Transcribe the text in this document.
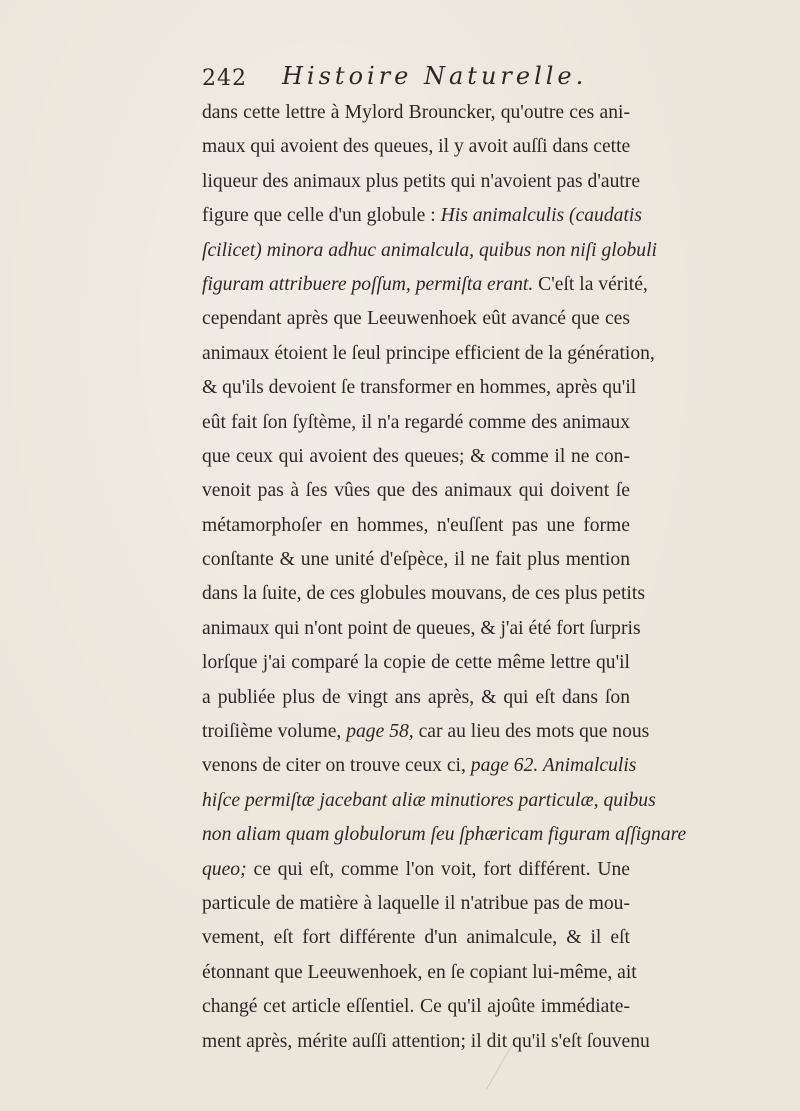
242 Histoire Naturelle.
dans cette lettre à Mylord Brouncker, qu'outre ces ani-
maux qui avoient des queues, il y avoit auſſi dans cette
liqueur des animaux plus petits qui n'avoient pas d'autre
figure que celle d'un globule : His animalculis (caudatis
ſcilicet) minora adhuc animalcula, quibus non niſi globuli
figuram attribuere poſſum, permiſta erant. C'eſt la vérité,
cependant après que Leeuwenhoek eût avancé que ces
animaux étoient le ſeul principe efficient de la génération,
& qu'ils devoient ſe transformer en hommes, après qu'il
eût fait ſon ſyſtème, il n'a regardé comme des animaux
que ceux qui avoient des queues; & comme il ne con-
venoit pas à ſes vûes que des animaux qui doivent ſe
métamorphoſer en hommes, n'euſſent pas une forme
conſtante & une unité d'eſpèce, il ne fait plus mention
dans la ſuite, de ces globules mouvans, de ces plus petits
animaux qui n'ont point de queues, & j'ai été fort ſurpris
lorſque j'ai comparé la copie de cette même lettre qu'il
a publiée plus de vingt ans après, & qui eſt dans ſon
troiſième volume, page 58, car au lieu des mots que nous
venons de citer on trouve ceux ci, page 62. Animalculis
hiſce permiſtæ jacebant aliæ minutiores particulæ, quibus
non aliam quam globulorum ſeu ſphæricam figuram aſſignare
queo; ce qui eſt, comme l'on voit, fort différent. Une
particule de matière à laquelle il n'atribue pas de mou-
vement, eſt fort différente d'un animalcule, & il eſt
étonnant que Leeuwenhoek, en ſe copiant lui-même, ait
changé cet article eſſentiel. Ce qu'il ajoûte immédiate-
ment après, mérite auſſi attention; il dit qu'il s'eſt ſouvenu
